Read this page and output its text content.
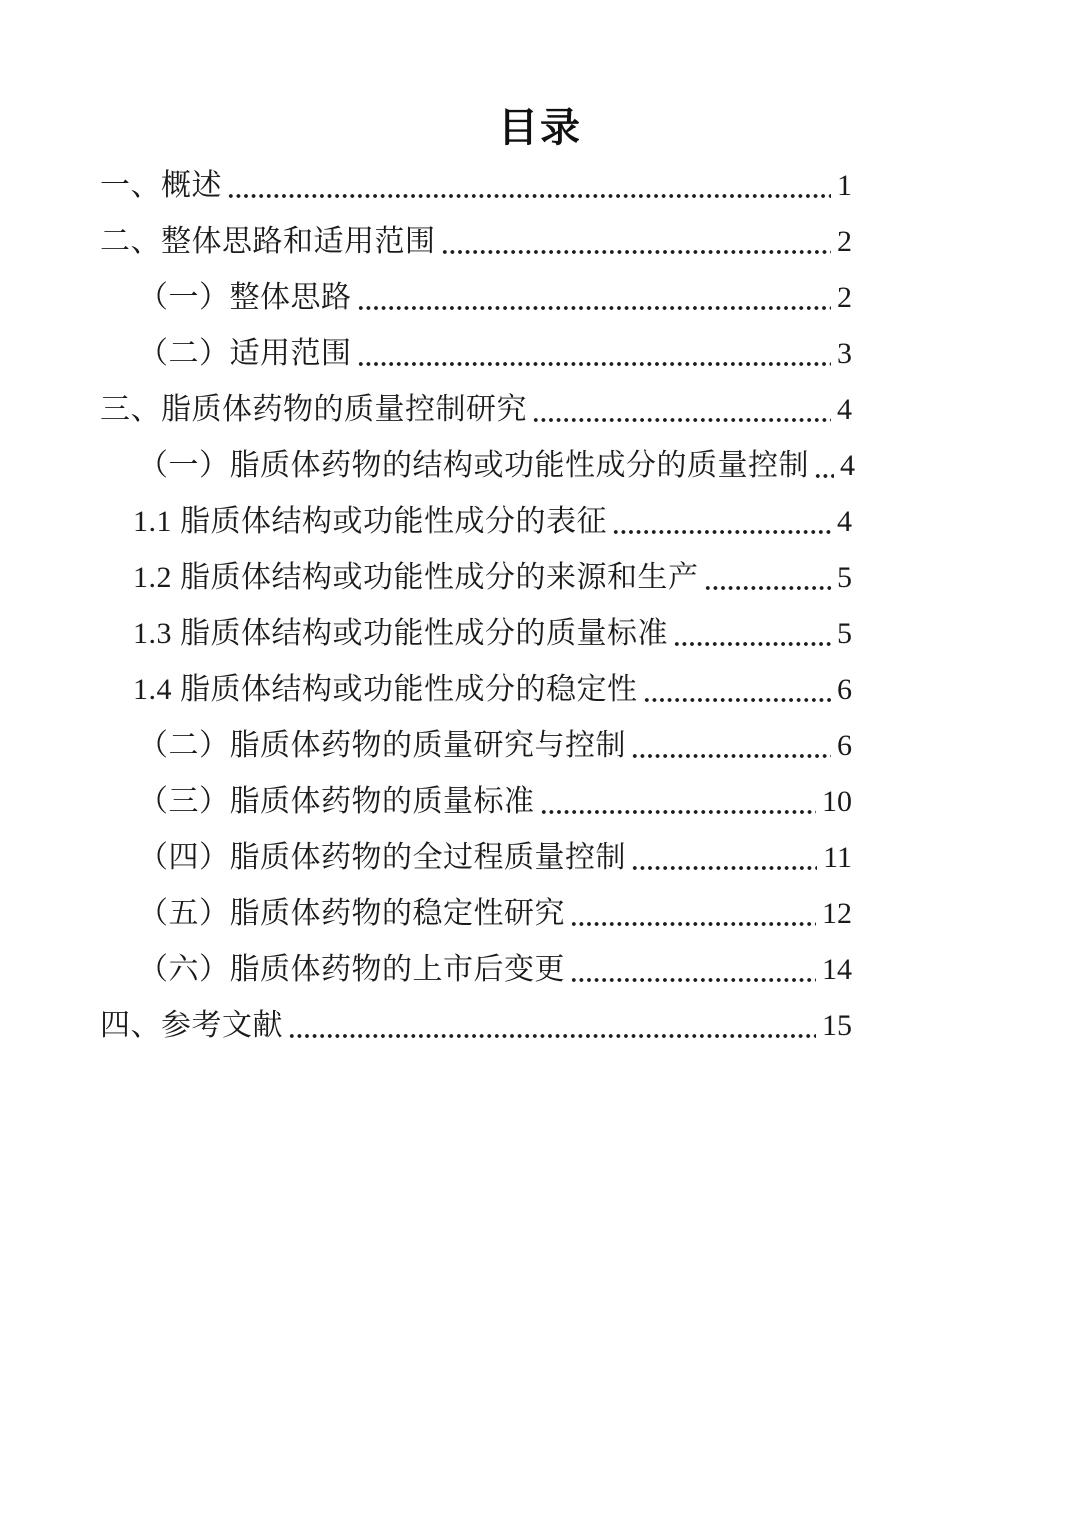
目录
一、概述	1
二、整体思路和适用范围	2
（一）整体思路	2
（二）适用范围	3
三、脂质体药物的质量控制研究	4
（一）脂质体药物的结构或功能性成分的质量控制 4
1.1 脂质体结构或功能性成分的表征	4
1.2 脂质体结构或功能性成分的来源和生产	5
1.3 脂质体结构或功能性成分的质量标准	5
1.4 脂质体结构或功能性成分的稳定性	6
（二）脂质体药物的质量研究与控制	6
（三）脂质体药物的质量标准	10
（四）脂质体药物的全过程质量控制	11
（五）脂质体药物的稳定性研究	12
（六）脂质体药物的上市后变更	14
四、参考文献	15
